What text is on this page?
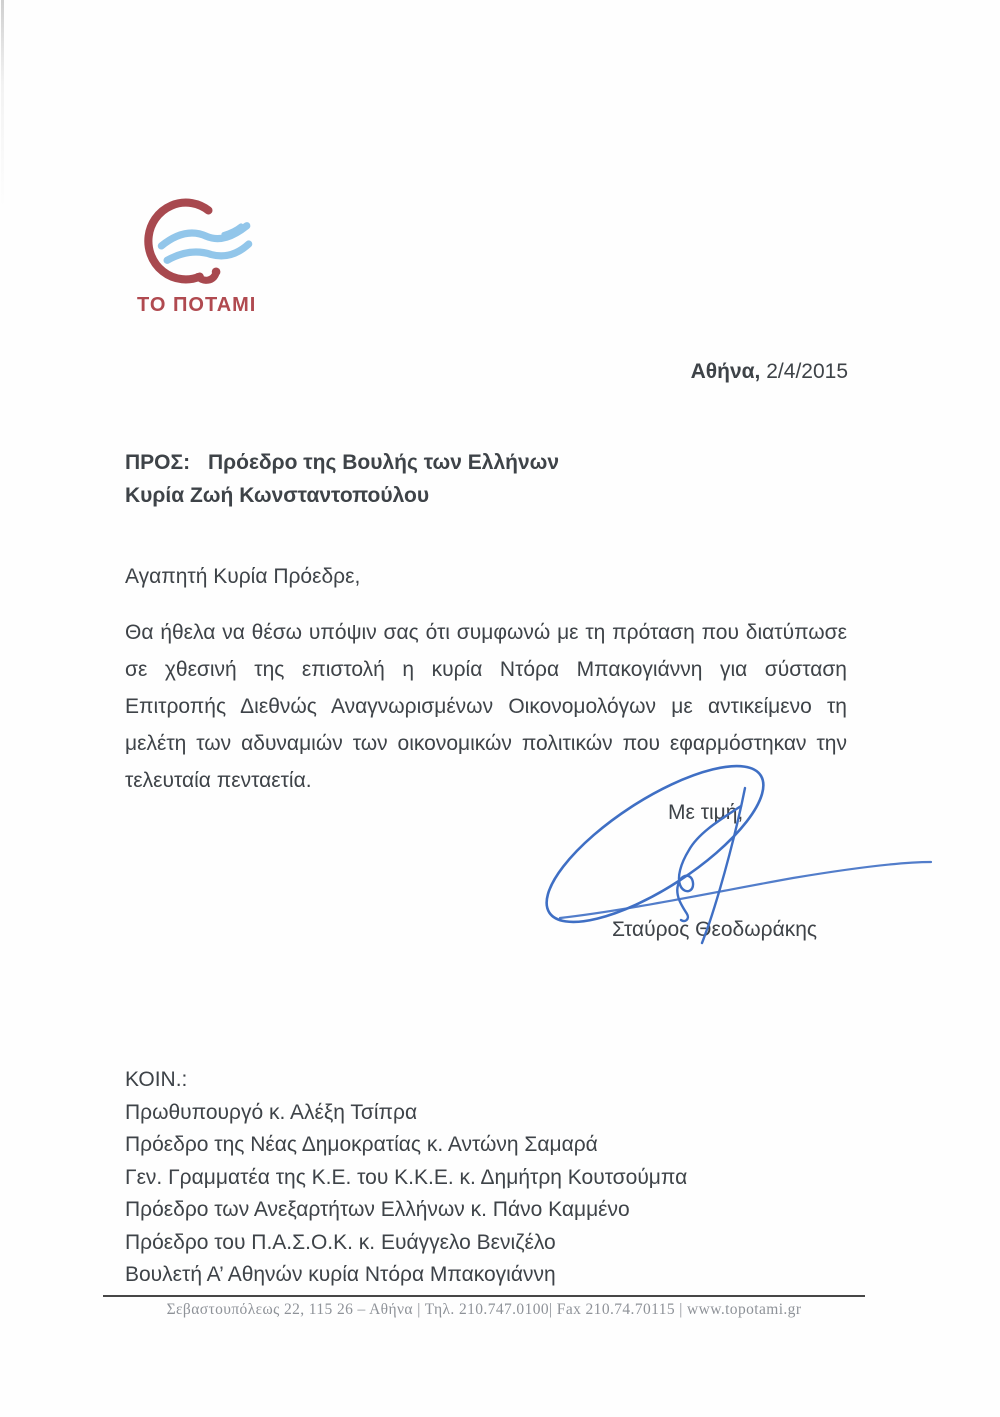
ΤΟ ΠΟΤΑΜΙ
Αθήνα, 2/4/2015
ΠΡΟΣ: Πρόεδρο της Βουλής των Ελλήνων
Κυρία Ζωή Κωνσταντοπούλου
Αγαπητή Κυρία Πρόεδρε,
Θα ήθελα να θέσω υπόψιν σας ότι συμφωνώ με τη πρόταση που διατύπωσε σε χθεσινή της επιστολή η κυρία Ντόρα Μπακογιάννη για σύσταση Επιτροπής Διεθνώς Αναγνωρισμένων Οικονομολόγων με αντικείμενο τη μελέτη των αδυναμιών των οικονομικών πολιτικών που εφαρμόστηκαν την τελευταία πενταετία.
Με τιμή,
Σταύρος Θεοδωράκης
ΚΟΙΝ.:
Πρωθυπουργό κ. Αλέξη Τσίπρα
Πρόεδρο της Νέας Δημοκρατίας κ. Αντώνη Σαμαρά
Γεν. Γραμματέα της Κ.Ε. του Κ.Κ.Ε. κ. Δημήτρη Κουτσούμπα
Πρόεδρο των Ανεξαρτήτων Ελλήνων κ. Πάνο Καμμένο
Πρόεδρο του Π.Α.Σ.Ο.Κ. κ. Ευάγγελο Βενιζέλο
Βουλετή Α’ Αθηνών κυρία Ντόρα Μπακογιάννη
Σεβαστουπόλεως 22, 115 26 – Αθήνα | Τηλ. 210.747.0100| Fax 210.74.70115 | www.topotami.gr
